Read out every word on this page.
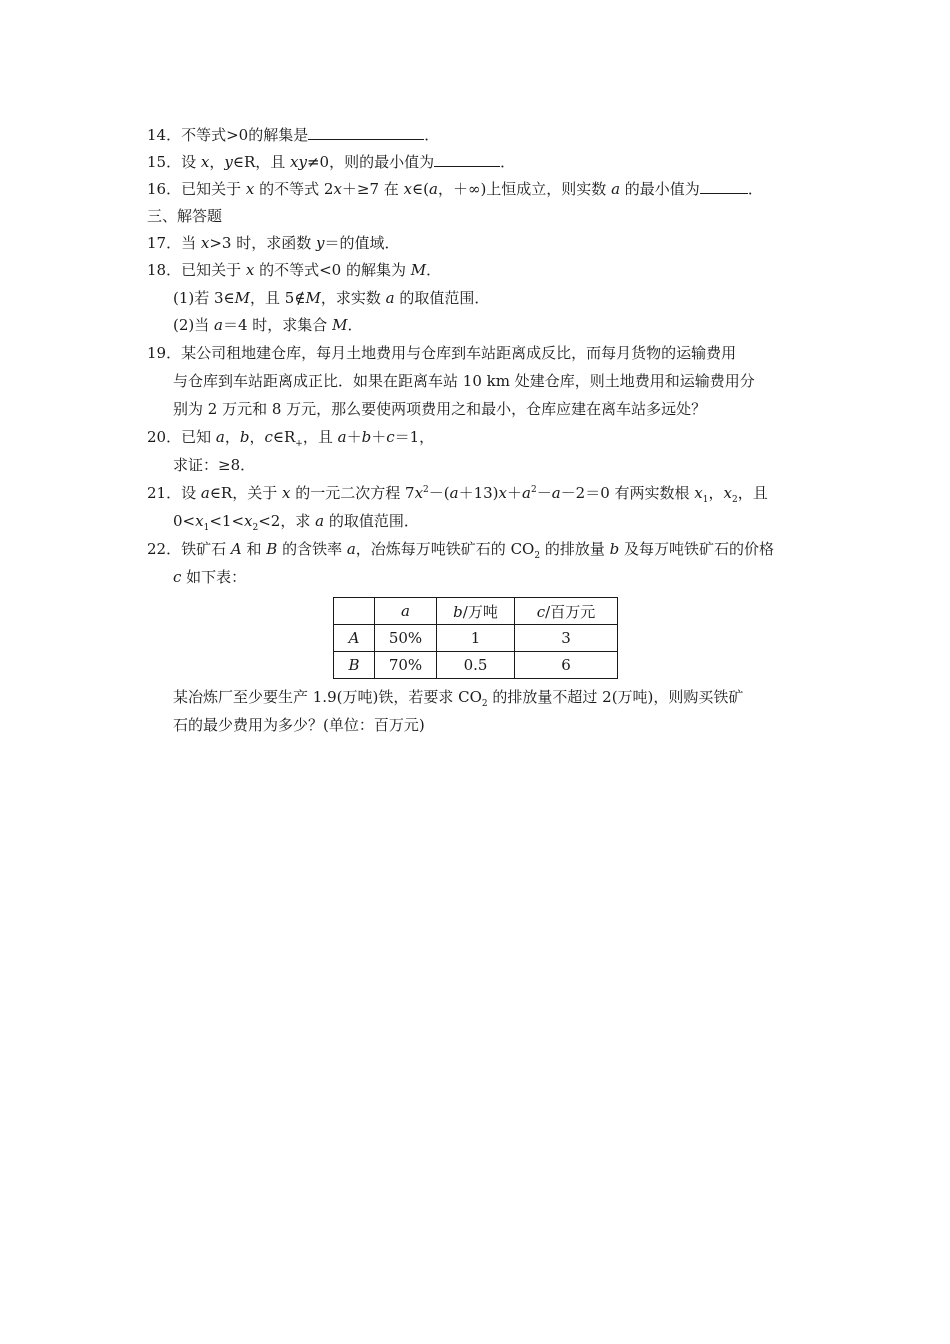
14．不等式>0的解集是	．
15．设 x，y∈R，且 xy≠0，则的最小值为	．
16．已知关于 x 的不等式 2x＋≥7 在 x∈(a，＋∞)上恒成立，则实数 a 的最小值为	．
三、解答题
17．当 x>3 时，求函数 y＝的值域．
18．已知关于 x 的不等式<0 的解集为 M．
(1)若 3∈M，且 5∉M，求实数 a 的取值范围．
(2)当 a＝4 时，求集合 M．
19．某公司租地建仓库，每月土地费用与仓库到车站距离成反比，而每月货物的运输费用
与仓库到车站距离成正比．如果在距离车站 10 km 处建仓库，则土地费用和运输费用分
别为 2 万元和 8 万元，那么要使两项费用之和最小，仓库应建在离车站多远处？
20．已知 a，b，$c\in R_+$，且 a＋b＋c＝1，
求证：≥8．
21．设 a∈R，关于 x 的一元二次方程 $7x^2-(a+13)x+a^2-a-2=0$ 有两实数根 $x_1$，$x_2$，且
$0<x_1<1<x_2<2$，求 a 的取值范围．
22．铁矿石 A 和 B 的含铁率 a，冶炼每万吨铁矿石的 $CO_2$ 的排放量 b 及每万吨铁矿石的价格
c 如下表：
	a	b/万吨	c/百万元
A	50%	1	3
B	70%	0.5	6
某冶炼厂至少要生产 1.9(万吨)铁，若要求 $CO_2$ 的排放量不超过 2(万吨)，则购买铁矿
石的最少费用为多少？(单位：百万元)
